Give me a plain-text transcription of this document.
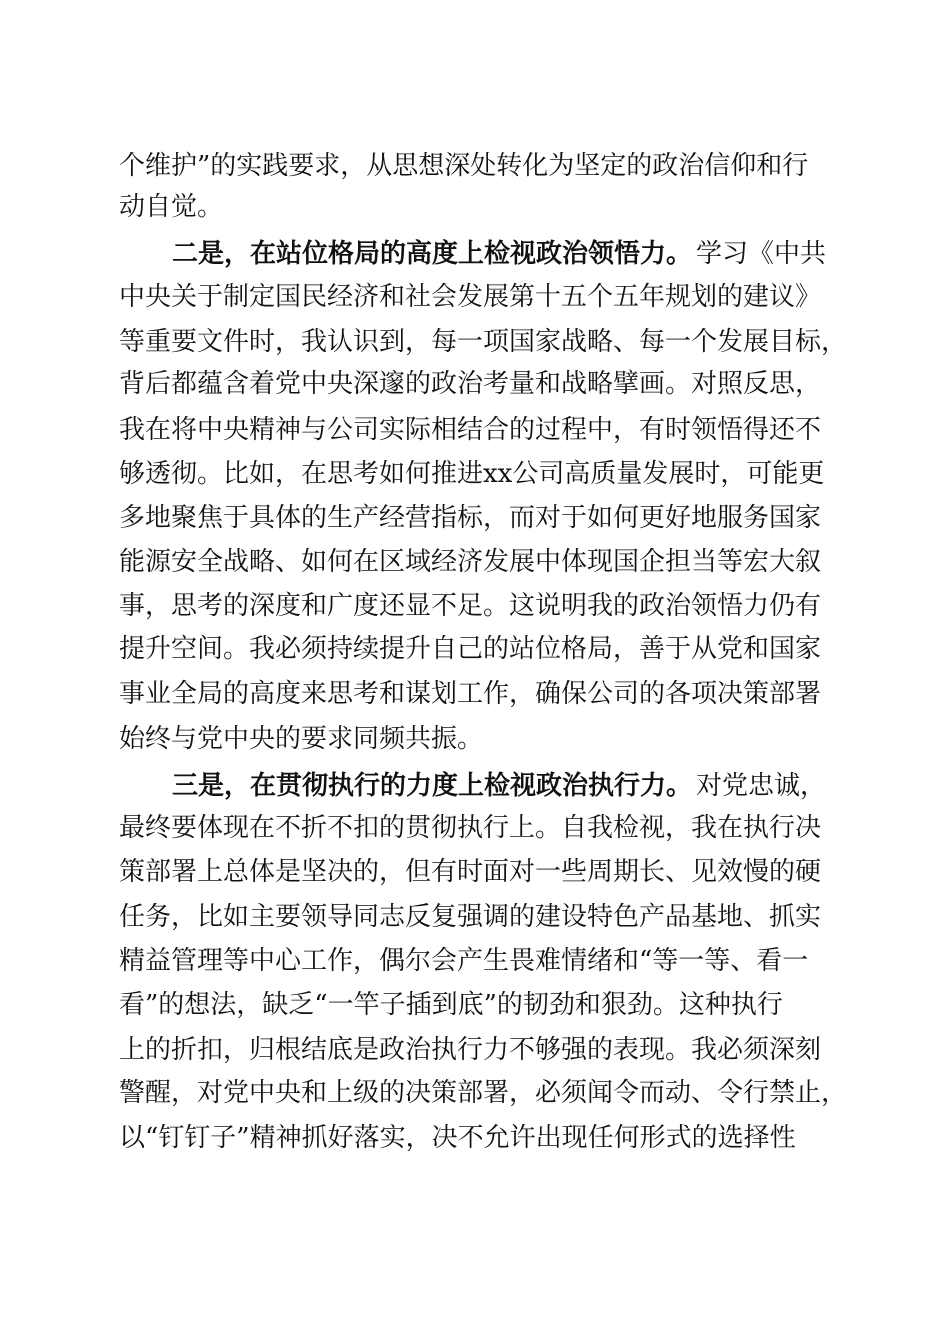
个维护”的实践要求，从思想深处转化为坚定的政治信仰和行
动自觉。
二是，在站位格局的高度上检视政治领悟力。 学习《中共
中央关于制定国民经济和社会发展第十五个五年规划的建议》
等重要文件时，我认识到，每一项国家战略、每一个发展目标，
背后都蕴含着党中央深邃的政治考量和战略擘画。对照反思，
我在将中央精神与公司实际相结合的过程中，有时领悟得还不
够透彻。比如，在思考如何推进xx公司高质量发展时，可能更
多地聚焦于具体的生产经营指标，而对于如何更好地服务国家
能源安全战略、如何在区域经济发展中体现国企担当等宏大叙
事，思考的深度和广度还显不足。这说明我的政治领悟力仍有
提升空间。我必须持续提升自己的站位格局，善于从党和国家
事业全局的高度来思考和谋划工作，确保公司的各项决策部署
始终与党中央的要求同频共振。
三是，在贯彻执行的力度上检视政治执行力。 对党忠诚，
最终要体现在不折不扣的贯彻执行上。自我检视，我在执行决
策部署上总体是坚决的，但有时面对一些周期长、见效慢的硬
任务，比如主要领导同志反复强调的建设特色产品基地、抓实
精益管理等中心工作，偶尔会产生畏难情绪和“等一等、看一
看”的想法，缺乏“一竿子插到底”的韧劲和狠劲。这种执行
上的折扣，归根结底是政治执行力不够强的表现。我必须深刻
警醒，对党中央和上级的决策部署，必须闻令而动、令行禁止，
以“钉钉子”精神抓好落实，决不允许出现任何形式的选择性
